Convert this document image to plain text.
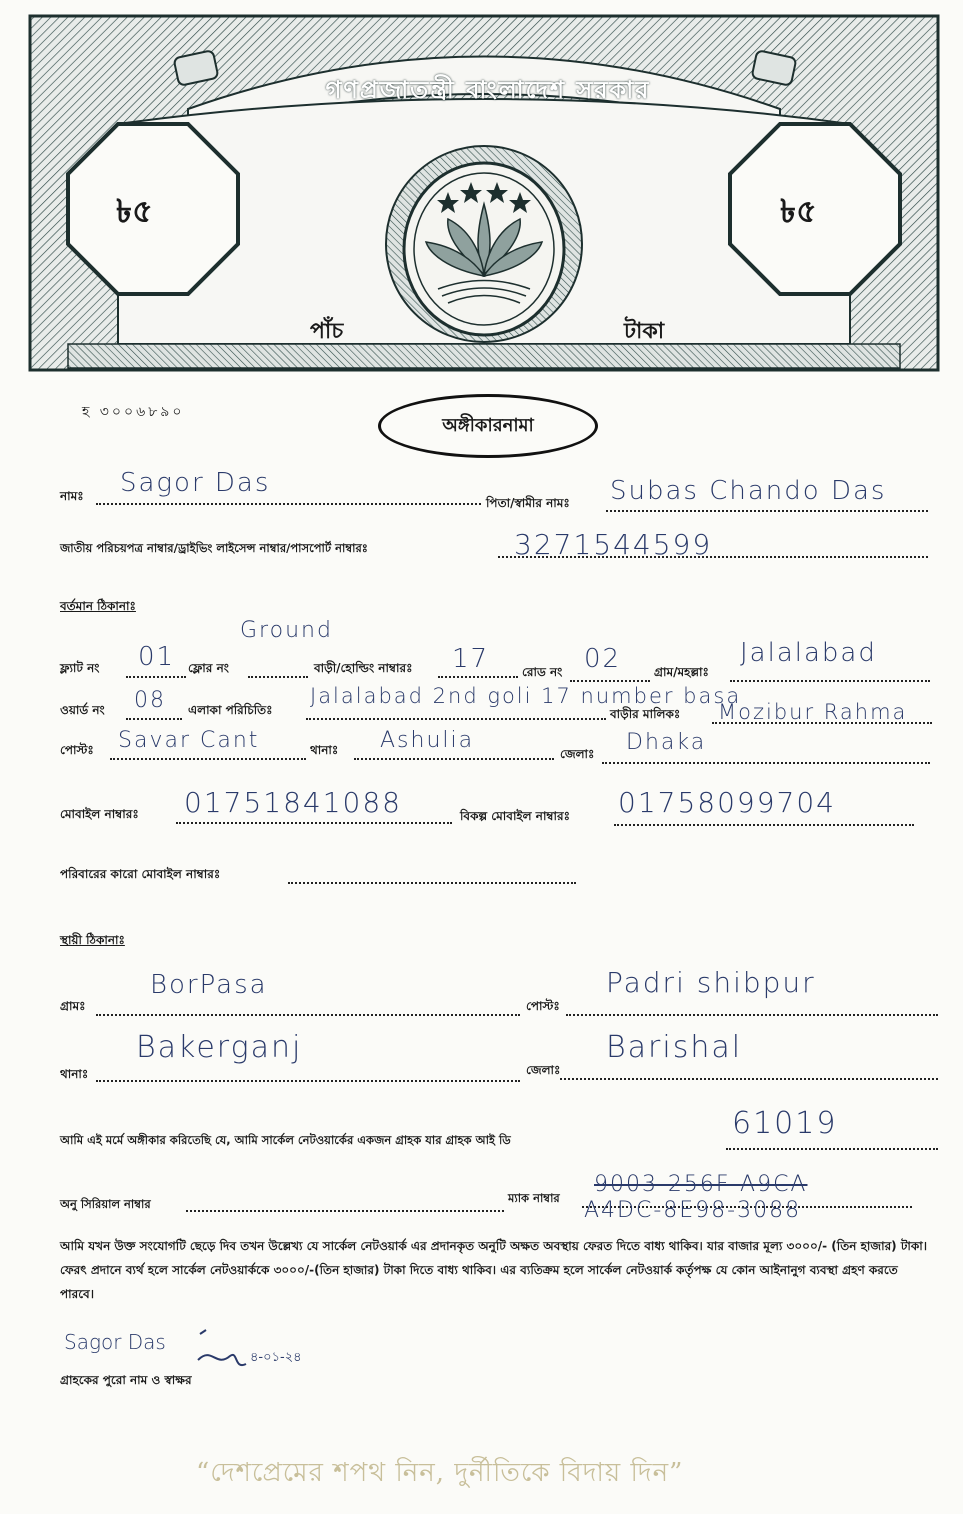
গণপ্রজাতন্ত্রী বাংলাদেশ সরকার
৳৫	৳৫
পাঁচ	টাকা
হ ৩০০৬৮৯০
অঙ্গীকারনামা
নামঃ Sagor Das
পিতা/স্বামীর নামঃ Subas Chando Das
জাতীয় পরিচয়পত্র নাম্বার/ড্রাইভিং লাইসেন্স নাম্বার/পাসপোর্ট নাম্বারঃ	3271544599
বর্তমান ঠিকানাঃ
ফ্ল্যাট নং 01 ফ্লোর নং
Ground
বাড়ী/হোল্ডিং নাম্বারঃ 17	রোড নং 02	গ্রাম/মহল্লাঃ
Jalalabad
ওয়ার্ড নং 08 এলাকা পরিচিতিঃ
Jalalabad 2nd goli 17 number basa
বাড়ীর মালিকঃ Mozibur Rahma
পোস্টঃ Savar Cant	থানাঃ Ashulia
জেলাঃ Dhaka
মোবাইল নাম্বারঃ 01751841088	বিকল্প মোবাইল নাম্বারঃ 01758099704
পরিবারের কারো মোবাইল নাম্বারঃ
স্থায়ী ঠিকানাঃ
গ্রামঃ
BorPasa
পোস্টঃ
Padri shibpur
থানাঃ
Bakerganj
জেলাঃ
Barishal
আমি এই মর্মে অঙ্গীকার করিতেছি যে, আমি সার্কেল নেটওয়ার্কের একজন গ্রাহক যার গ্রাহক আই ডি	61019
অনু সিরিয়াল নাম্বার	ম্যাক নাম্বার
9003-256F-A9CA
A4DC-8E98-3088
আমি যখন উক্ত সংযোগটি ছেড়ে দিব তখন উল্লেখ্য যে সার্কেল নেটওয়ার্ক এর প্রদানকৃত অনুটি অক্ষত অবস্থায় ফেরত দিতে বাধ্য থাকিব। যার বাজার মূল্য ৩০০০/- (তিন হাজার) টাকা। ফেরৎ প্রদানে ব্যর্থ হলে সার্কেল নেটওয়ার্ককে ৩০০০/-(তিন হাজার) টাকা দিতে বাধ্য থাকিব। এর ব্যতিক্রম হলে সার্কেল নেটওয়ার্ক কর্তৃপক্ষ যে কোন আইনানুগ ব্যবস্থা গ্রহণ করতে পারবে।
Sagor Das
৪-০১-২৪
গ্রাহকের পুরো নাম ও স্বাক্ষর
“দেশপ্রেমের শপথ নিন, দুর্নীতিকে বিদায় দিন”
